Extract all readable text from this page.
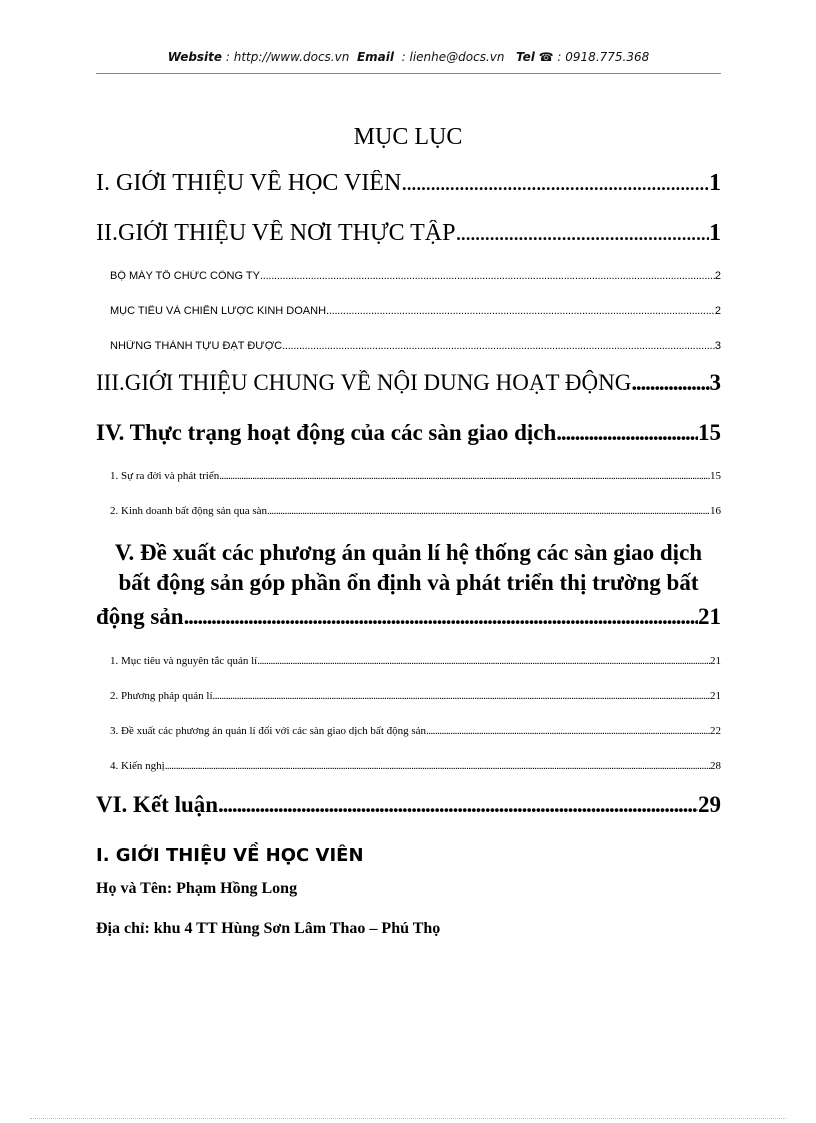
Website : http://www.docs.vn Email : lienhe@docs.vn Tel ☎ : 0918.775.368
MỤC LỤC
I. GIỚI THIỆU VỀ HỌC VIÊN . . .	1
II.GIỚI THIỆU VỀ NƠI THỰC TẬP . . .	1
BỘ MÁY TỔ CHỨC CÔNG TY . . .	2
MỤC TIÊU VÀ CHIẾN LƯỢC KINH DOANH . . .	2
NHỮNG THÀNH TỰU ĐẠT ĐƯỢC . . .	3
III.GIỚI THIỆU CHUNG VỀ NỘI DUNG HOẠT ĐỘNG . . .	3
IV. Thực trạng hoạt động của các sàn giao dịch . . .	15
1. Sự ra đời và phát triển . . .	15
2. Kinh doanh bất động sản qua sàn . . .	16
V. Đề xuất các phương án quản lí hệ thống các sàn giao dịch
bất động sản góp phần ổn định và phát triển thị trường bất
động sản . . .	21
1. Mục tiêu và nguyên tắc quản lí . . .	21
2. Phương pháp quản lí . . .	21
3. Đề xuất các phương án quản lí đối với các sàn giao dịch bất động sản . . .	22
4. Kiến nghị . . .	28
VI. Kết luận . . .	29
I. GIỚI THIỆU VỀ HỌC VIÊN
Họ và Tên: Phạm Hồng Long
Địa chỉ: khu 4 TT Hùng Sơn Lâm Thao – Phú Thọ
